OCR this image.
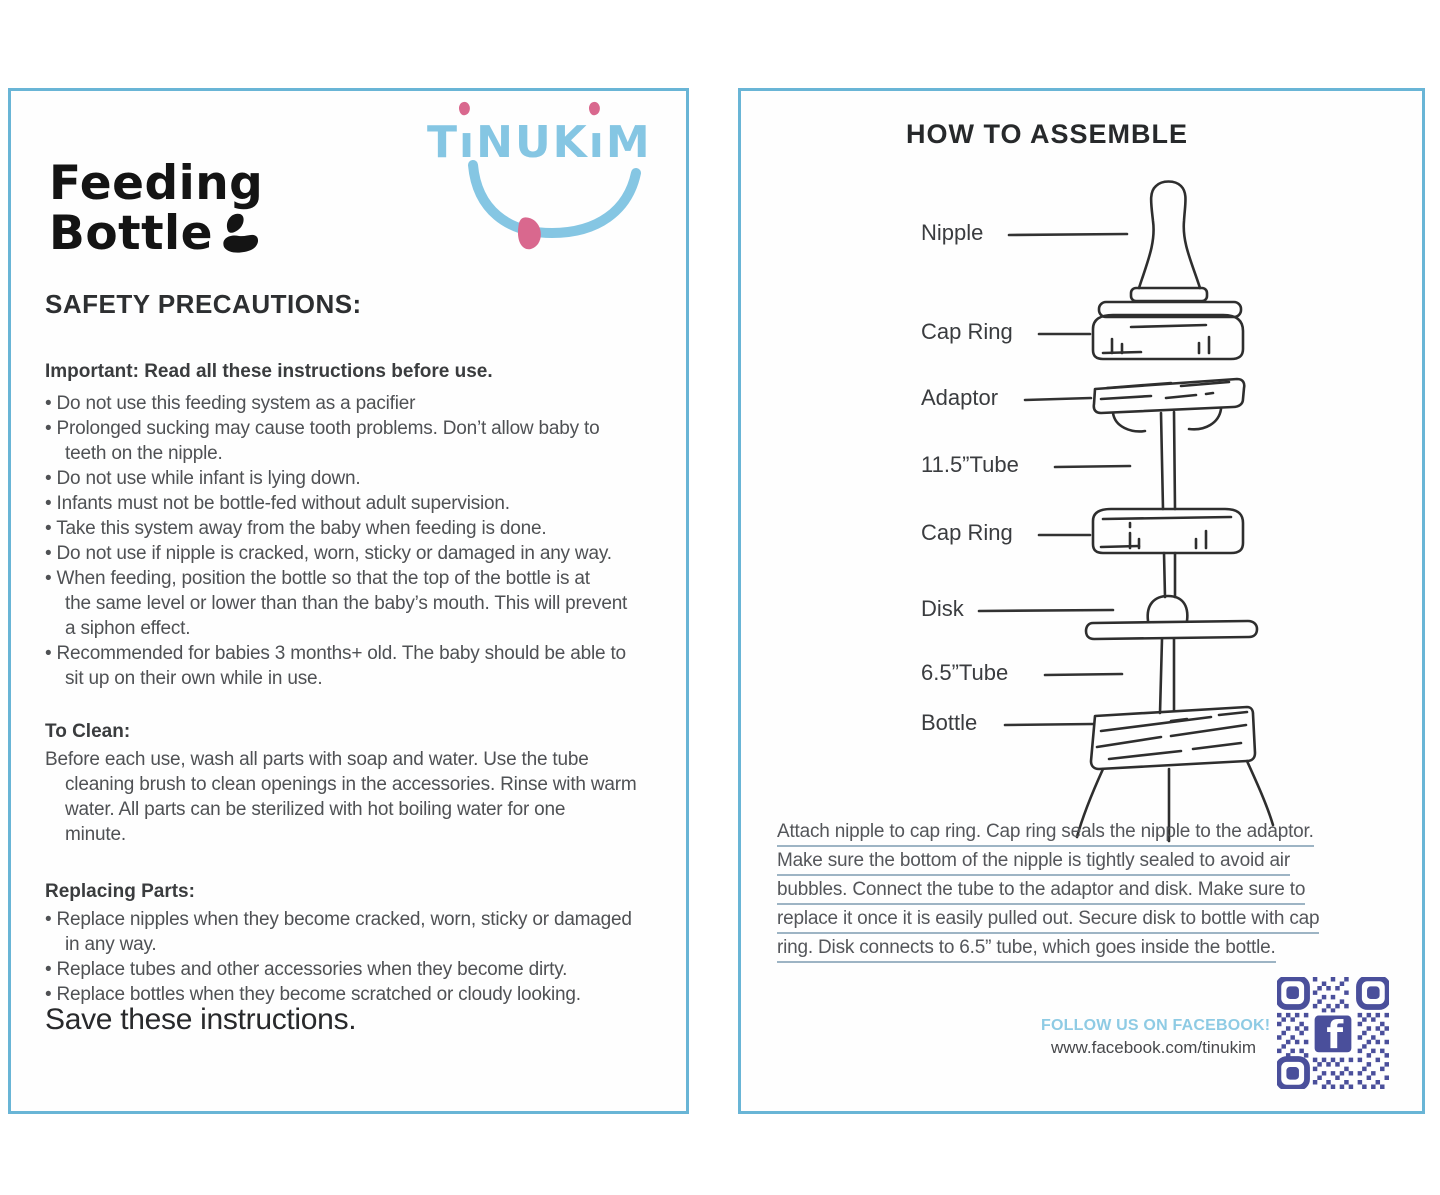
Feeding
Bottle
TıNUKıM
SAFETY PRECAUTIONS:

Important: Read all these instructions before use.

• Do not use this feeding system as a pacifier
• Prolonged sucking may cause tooth problems. Don’t allow baby to
teeth on the nipple.
• Do not use while infant is lying down.
• Infants must not be bottle-fed without adult supervision.
• Take this system away from the baby when feeding is done.
• Do not use if nipple is cracked, worn, sticky or damaged in any way.
• When feeding, position the bottle so that the top of the bottle is at
the same level or lower than than the baby’s mouth. This will prevent
a siphon effect.
• Recommended for babies 3 months+ old. The baby should be able to
sit up on their own while in use.

To Clean:

Before each use, wash all parts with soap and water. Use the tube
cleaning brush to clean openings in the accessories. Rinse with warm
water. All parts can be sterilized with hot boiling water for one
minute.

Replacing Parts:

• Replace nipples when they become cracked, worn, sticky or damaged
in any way.
• Replace tubes and other accessories when they become dirty.
• Replace bottles when they become scratched or cloudy looking.
Save these instructions.
HOW TO ASSEMBLE
Nipple
Cap Ring
Adaptor
11.5”Tube
Cap Ring
Disk
6.5”Tube
Bottle
Attach nipple to cap ring. Cap ring seals the nipple to the adaptor.
Make sure the bottom of the nipple is tightly sealed to avoid air
bubbles. Connect the tube to the adaptor and disk. Make sure to
replace it once it is easily pulled out. Secure disk to bottle with cap
ring. Disk connects to 6.5” tube, which goes inside the bottle.
FOLLOW US ON FACEBOOK!
www.facebook.com/tinukim	f
